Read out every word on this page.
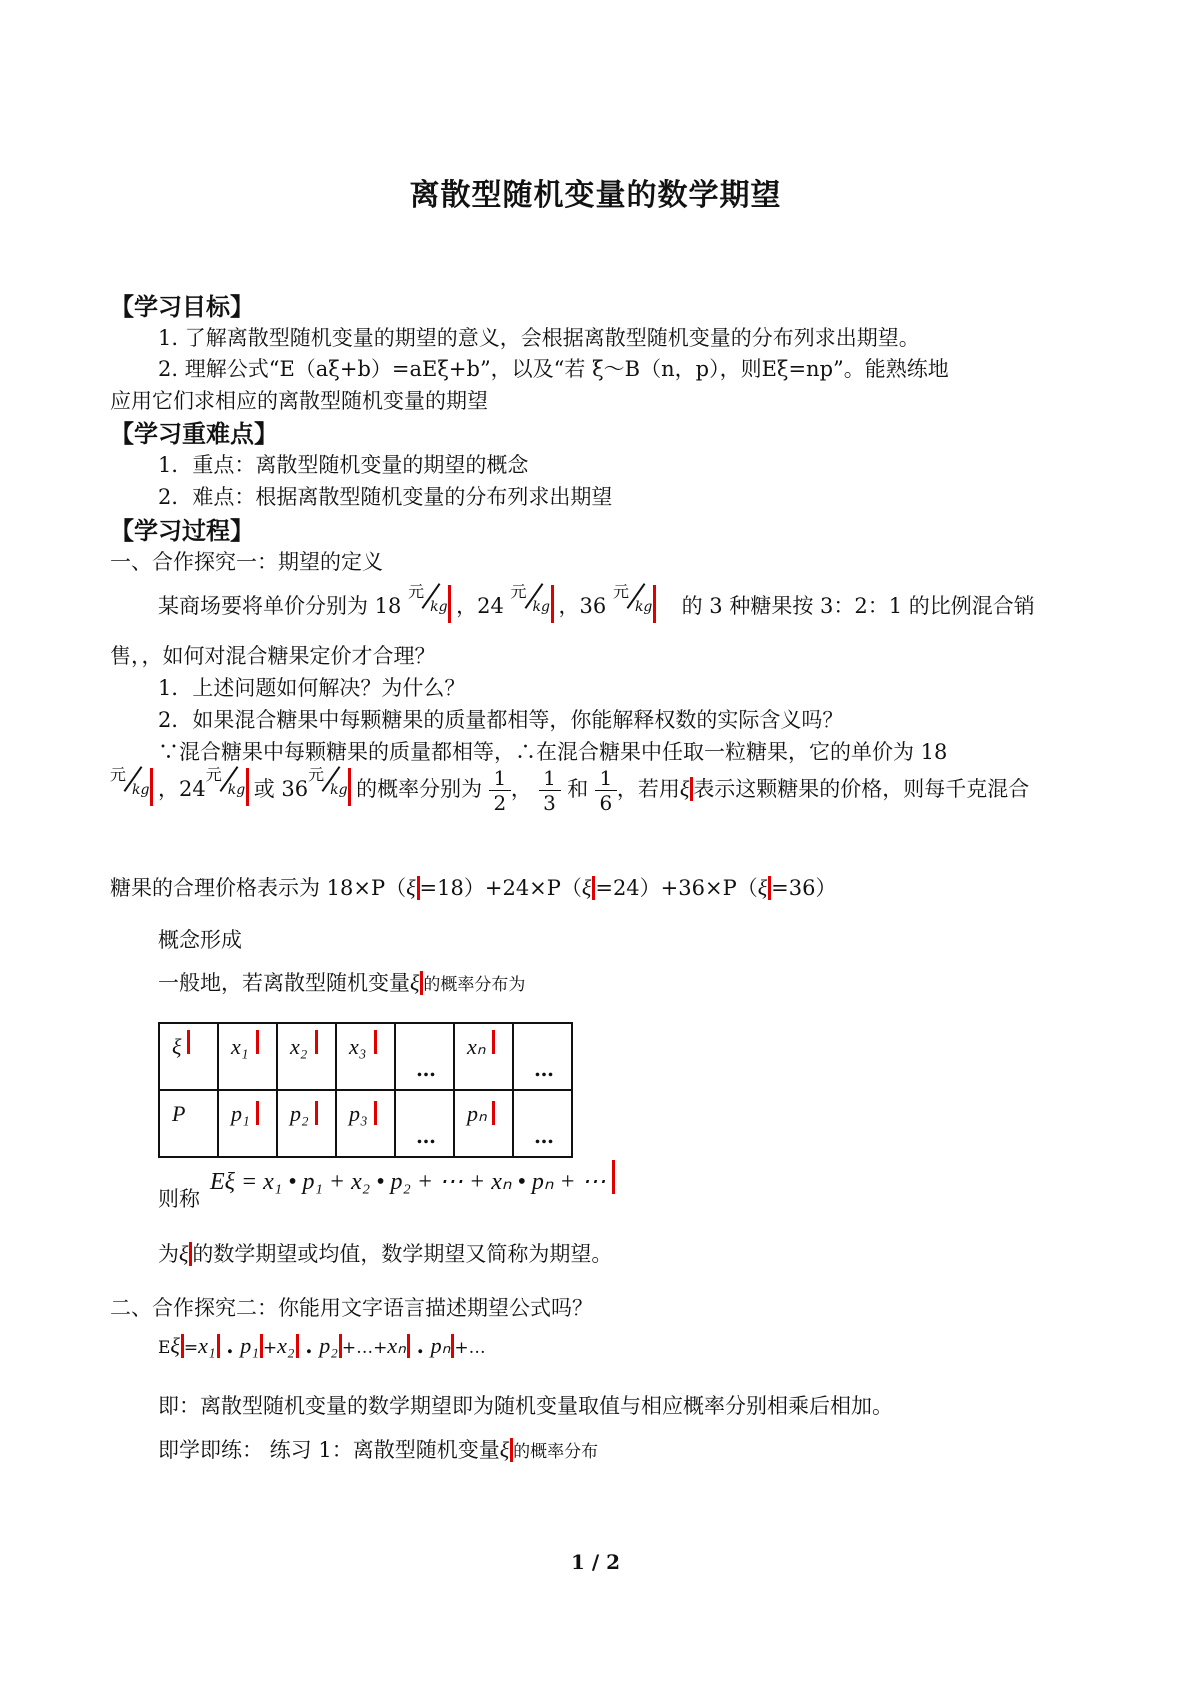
离散型随机变量的数学期望
【学习目标】
1. 了解离散型随机变量的期望的意义，会根据离散型随机变量的分布列求出期望。
2. 理解公式“E（aξ+b）=aEξ+b”，以及“若 ξ～B（n，p），则Eξ=np”。能熟练地
应用它们求相应的离散型随机变量的期望
【学习重难点】
1．重点：离散型随机变量的期望的概念
2．难点：根据离散型随机变量的分布列求出期望
【学习过程】
一、合作探究一：期望的定义
某商场要将单价分别为 18
元
kg ，24
元
kg ，36
元
kg 的 3 种糖果按 3：2：1 的比例混合销
售，，如何对混合糖果定价才合理？
1．上述问题如何解决？为什么？
2．如果混合糖果中每颗糖果的质量都相等，你能解释权数的实际含义吗？
∵混合糖果中每颗糖果的质量都相等，∴在混合糖果中任取一粒糖果，它的单价为 18
元
kg ，24
元
kg 或 36
元
kg 的概率分别为 $\frac{1}{2}$， $\frac{1}{3}$ 和 $\frac{1}{6}$，若用ξ 表示这颗糖果的价格，则每千克混合
糖果的合理价格表示为 18×P（ξ =18）+24×P（ξ =24）+36×P（ξ =36）
概念形成
一般地，若离散型随机变量ξ 的概率分布为
ξ	x₁	x₂	x₃	…	xₙ	…

P	p₁	p₂	p₃	…	pₙ	…
则称
Eξ = x₁ • p₁ + x₂ • p₂ + ⋯ + xₙ • pₙ + ⋯
为ξ 的数学期望或均值，数学期望又简称为期望。
二、合作探究二：你能用文字语言描述期望公式吗？
Eξ =x₁ . p₁ +x₂ . p₂ +…+xₙ . pₙ +…
即：离散型随机变量的数学期望即为随机变量取值与相应概率分别相乘后相加。
即学即练： 练习 1：离散型随机变量ξ 的概率分布
1 / 2
